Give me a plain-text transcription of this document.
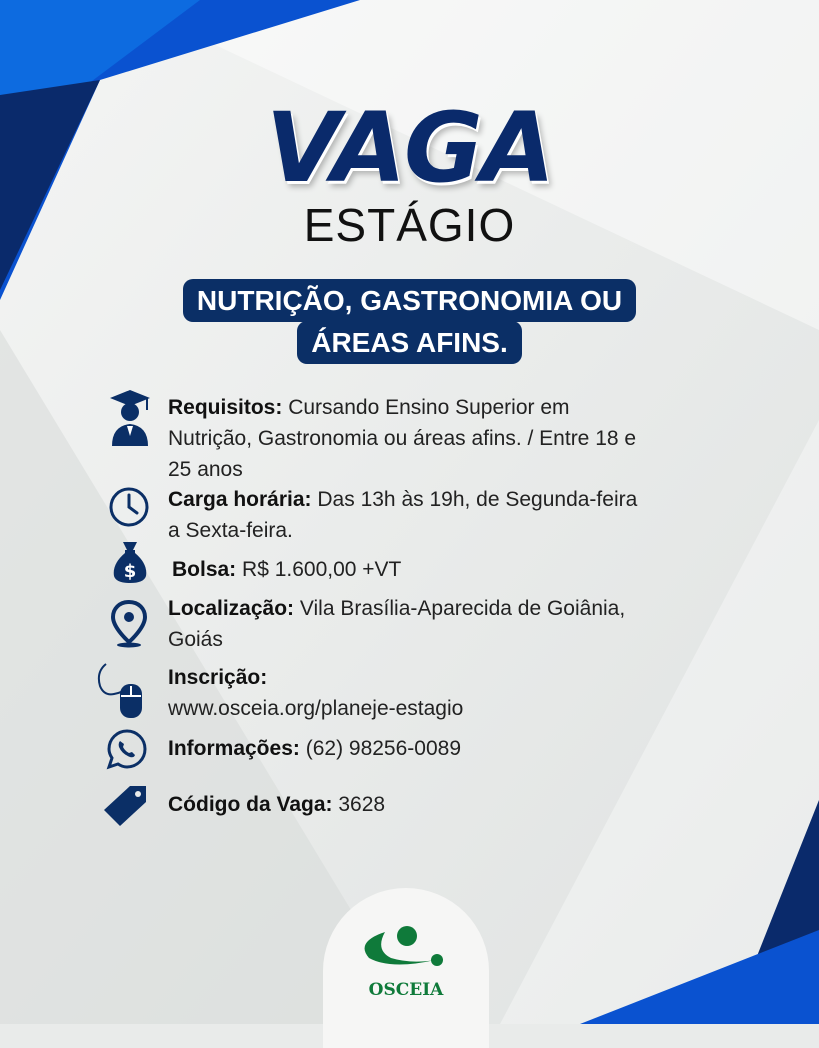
VAGA
ESTÁGIO
NUTRIÇÃO, GASTRONOMIA OU ÁREAS AFINS.
Requisitos: Cursando Ensino Superior em Nutrição, Gastronomia ou áreas afins. / Entre 18 e 25 anos
Carga horária: Das 13h às 19h, de Segunda-feira a Sexta-feira.
$ Bolsa: R$ 1.600,00 +VT
Localização: Vila Brasília-Aparecida de Goiânia, Goiás
Inscrição:
www.osceia.org/planeje-estagio
Informações: (62) 98256-0089
Código da Vaga: 3628
OSCEIA
